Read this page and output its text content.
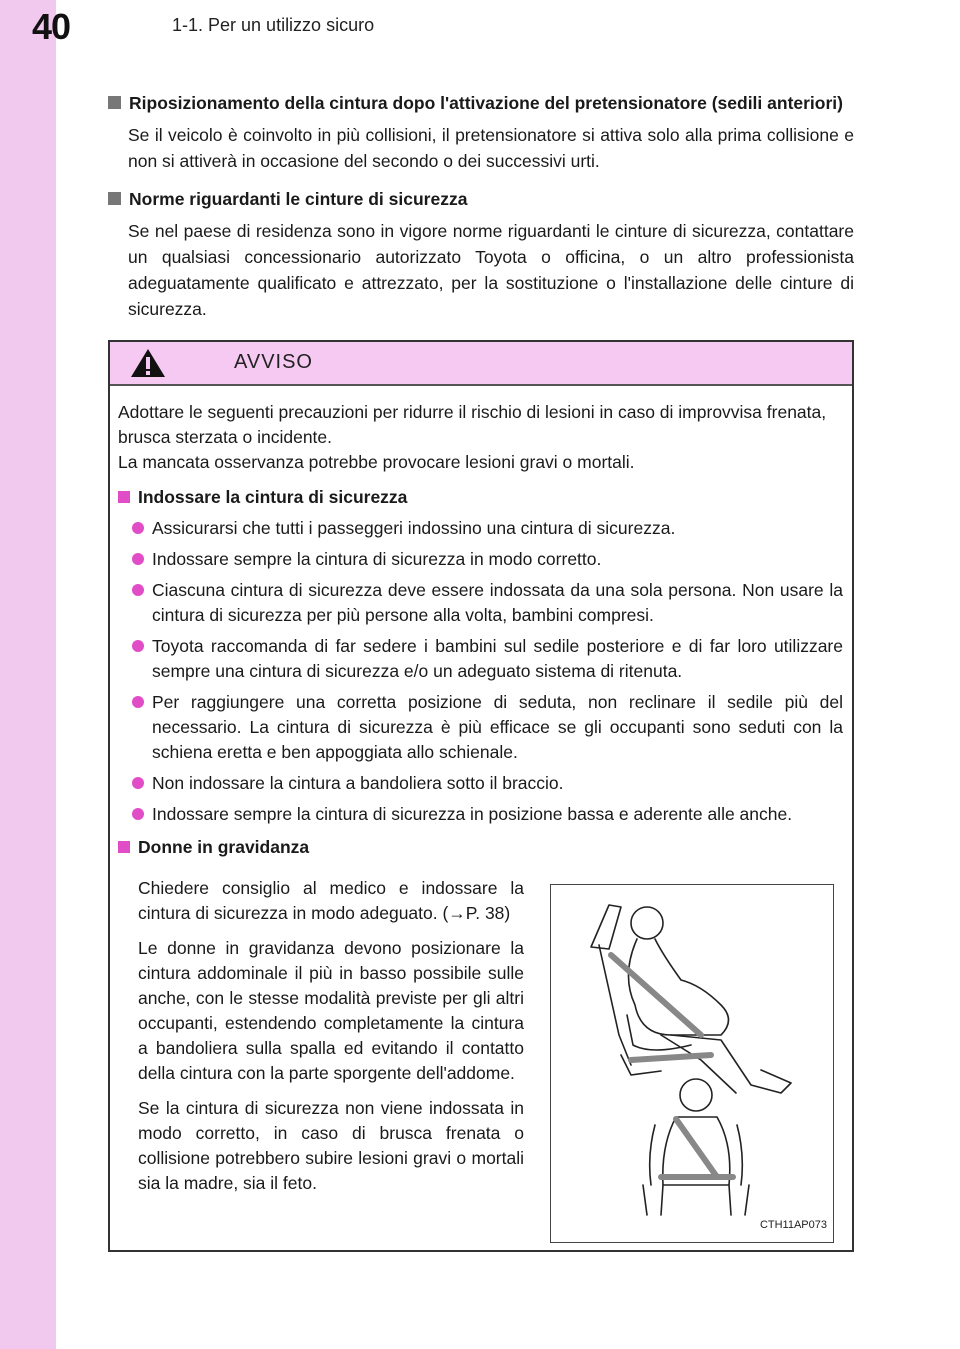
40	1-1. Per un utilizzo sicuro
Riposizionamento della cintura dopo l'attivazione del pretensionatore (sedili anteriori)

Se il veicolo è coinvolto in più collisioni, il pretensionatore si attiva solo alla prima collisione e non si attiverà in occasione del secondo o dei successivi urti.

Norme riguardanti le cinture di sicurezza

Se nel paese di residenza sono in vigore norme riguardanti le cinture di sicurezza, contattare un qualsiasi concessionario autorizzato Toyota o officina, o un altro professionista adeguatamente qualificato e attrezzato, per la sostituzione o l'installazione delle cinture di sicurezza.

AVVISO

Adottare le seguenti precauzioni per ridurre il rischio di lesioni in caso di improvvisa frenata, brusca sterzata o incidente.
La mancata osservanza potrebbe provocare lesioni gravi o mortali.

Indossare la cintura di sicurezza
Assicurarsi che tutti i passeggeri indossino una cintura di sicurezza.
Indossare sempre la cintura di sicurezza in modo corretto.
Ciascuna cintura di sicurezza deve essere indossata da una sola persona. Non usare la cintura di sicurezza per più persone alla volta, bambini compresi.
Toyota raccomanda di far sedere i bambini sul sedile posteriore e di far loro utilizzare sempre una cintura di sicurezza e/o un adeguato sistema di ritenuta.
Per raggiungere una corretta posizione di seduta, non reclinare il sedile più del necessario. La cintura di sicurezza è più efficace se gli occupanti sono seduti con la schiena eretta e ben appoggiata allo schienale.
Non indossare la cintura a bandoliera sotto il braccio.
Indossare sempre la cintura di sicurezza in posizione bassa e aderente alle anche.
Donne in gravidanza

Chiedere consiglio al medico e indossare la cintura di sicurezza in modo adeguato. (→P. 38)

Le donne in gravidanza devono posizionare la cintura addominale il più in basso possibile sulle anche, con le stesse modalità previste per gli altri occupanti, estendendo completamente la cintura a bandoliera sulla spalla ed evitando il contatto della cintura con la parte sporgente dell'addome.

Se la cintura di sicurezza non viene indossata in modo corretto, in caso di brusca frenata o collisione potrebbero subire lesioni gravi o mortali sia la madre, sia il feto.

CTH11AP073
